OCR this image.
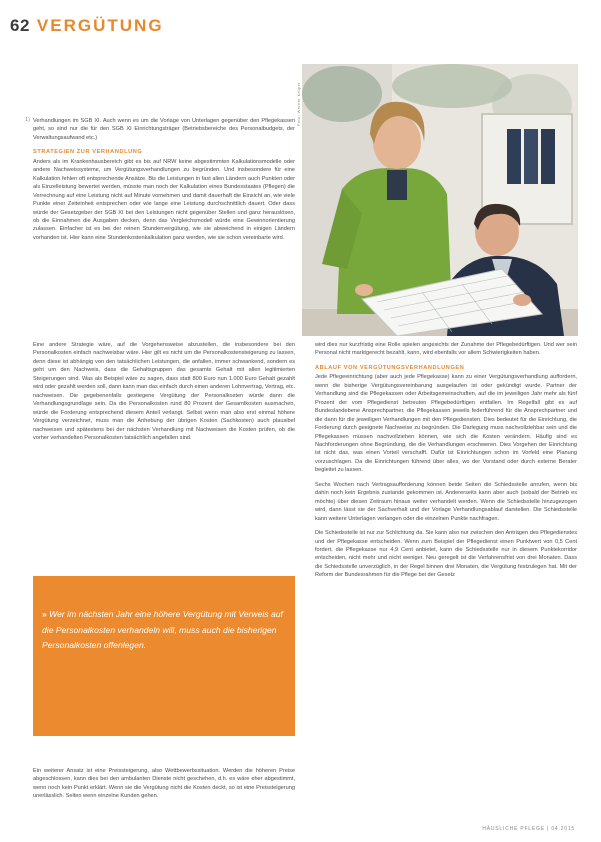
62 VERGÜTUNG
1) Verhandlungen im SGB XI. Auch wenn es um die Vorlage von Unterlagen gegenüber den Pflegekassen geht, so sind nur die für den SGB XI Einrichtungsträger (Betriebsbereiche des Personalbudgets, der Verwaltungsaufwand etc.)

STRATEGIEN ZUR VERHANDLUNG

Anders als im Krankenhausbereich gibt es bis auf NRW keine abgestimmten Kalkulationsmodelle oder andere Nachweissysteme, um Vergütungsverhandlungen zu begründen. Und insbesondere für eine Kalkulation fehlen oft entsprechende Ansätze. Bis die Leistungen in fast allen Ländern auch Punkten oder als Einzelleistung bewertet werden, müsste man noch der Kalkulation eines Bundesstaates (Pflegen) die Verrechnung auf eine Leistung nicht auf Minute vornehmen und damit dauerhaft die Einsicht an, wie viele Punkte einer Zeiteinheit entsprechen oder wie lange eine Leistung durchschnittlich dauert. Oder dass würde der Gesetzgeber der SGB XI bei den Leistungen nicht gegenüber Stellen und ganz herauslösen, ob die Einnahmen die Ausgaben decken, denn das Vergleichsmodell würde eine Gewinnorientierung zulassen. Einfacher ist es bei der reinen Stundenvergütung, wie sie abweichend in einigen Ländern vorhanden ist. Hier kann eine Stundenkostenkalkulation ganz werden, wie sie schon vereinbarte wird.

Foto: Werner Krüper

Eine andere Strategie wäre, auf die Vorgehensweise abzustellen, die insbesondere bei den Personalkosten einfach nachweisbar wäre. Hier gilt es nicht um die Personalkostensteigerung zu lassen, denn diese ist abhängig von den tatsächlichen Leistungen, die anfallen, immer schwankend, sondern es geht um den Nachweis, dass die Gehaltsgruppen das gesamte Gehalt mit allen legitimierten Steigerungen sind. Was als Beispiel wäre zu sagen, dass statt 800 Euro nun 1.000 Euro Gehalt gezahlt wird oder gezahlt werden soll, dann kann man das einfach durch einen anderen Lohnvertrag, Vertrag, etc. nachweisen. Die gegebenenfalls gestiegene Vergütung der Personalkosten würde dann die Verhandlungsgrundlage sein. Da die Personalkosten rund 80 Prozent der Gesamtkosten ausmachen, würde die Forderung entsprechend diesem Anteil verlangt. Selbst wenn man also erst einmal höhere Vergütung verzeichnet, muss man die Anhebung der übrigen Kosten (Sachkosten) auch plausibel nachweisen und spätestens bei der nächsten Verhandlung mit Nachweisen die Kosten prüfen, ob die vorher verhandelten Personalkosten tatsächlich angefallen sind.

» Wer im nächsten Jahr eine höhere Vergütung mit Verweis auf die Personalkosten verhandeln will, muss auch die bisherigen Personalkosten offenlegen.

Ein weiterer Ansatz ist eine Preissteigerung, also Wettbewerbssituation. Werden die höheren Preise abgeschlossen, kann dies bei den ambulanten Dienste nicht geschehen, d.h. es wäre eher abgestimmt, wenn noch kein Punkt erklärt. Wenn sie die Vergütung nicht die Kosten deckt, so ist eine Preissteigerung unerlässlich. Selten wenn einzelne Kunden gehen.

wird dies nur kurzfristig eine Rolle spielen angesichts der Zunahme der Pflegebedürftigen. Und wer sein Personal nicht marktgerecht bezahlt, kann, wird ebenfalls vor allem Schwierigkeiten haben.

ABLAUF VON VERGÜTUNGSVERHANDLUNGEN

Jede Pflegeeinrichtung (aber auch jede Pflegekasse) kann zu einer Vergütungsverhandlung auffordern, wenn die bisherige Vergütungsvereinbarung ausgelaufen ist oder gekündigt wurde. Partner der Verhandlung sind die Pflegekassen oder Arbeitsgemeinschaften, auf die im jeweiligen Jahr mehr als fünf Prozent der vom Pflegedienst betreuten Pflegebedürftigen entfallen. Im Regelfall gibt es auf Bundeslandebene Ansprechpartner, die Pflegekassen jeweils federführend für die Ansprechpartner und die dann für die jeweiligen Verhandlungen mit den Pflegediensten. Dies bedeutet für die Einrichtung, die Forderung durch geeignete Nachweise zu begründen. Die Darlegung muss nachvollziehbar sein und die Pflegekassen müssen nachvollziehen können, wie sich die Kosten verändern. Häufig sind es Nachforderungen ohne Begründung, die die Verhandlungen erschweren. Dies Vorgehen der Einrichtung ist nicht das, was einen Vorteil verschafft. Dafür ist Einrichtungen schon im Vorfeld eine Planung vorzuschlagen. Da die Einrichtungen führend über alles, wo der Vorstand oder durch externe Berater begleitet zu lassen.

Sechs Wochen nach Vertragsaufforderung können beide Seiten die Schiedsstelle anrufen, wenn bis dahin noch kein Ergebnis zustande gekommen ist. Andererseits kann aber auch (sobald der Betrieb es möchte) über diesen Zeitraum hinaus weiter verhandelt werden. Wenn die Schiedsstelle hinzugezogen wird, dann lässt sie der Sachverhalt und der Vorlage Verhandlungsablauf darstellen. Die Schiedsstelle kann weitere Unterlagen verlangen oder die einzelnen Punkte nachfragen.

Die Schiedsstelle ist nur zur Schlichtung da. Sie kann also nur zwischen den Anträgen des Pflegedienstes und der Pflegekasse entscheiden. Wenn zum Beispiel der Pflegedienst einen Punktwert von 0,5 Cent fordert, die Pflegekasse nur 4,9 Cent anbietet, kann die Schiedsstelle nur in diesem Punktekorridor entscheiden, nicht mehr und nicht weniger. Neu geregelt ist die Verfahrensfrist von drei Monaten. Dass die Schiedsstelle unverzüglich, in der Regel binnen drei Monaten, die Vergütung festzulegen hat. Mit der Reform der Bundesrahmen für die Pflege bei der Gesetz

HÄUSLICHE PFLEGE | 04.2015
